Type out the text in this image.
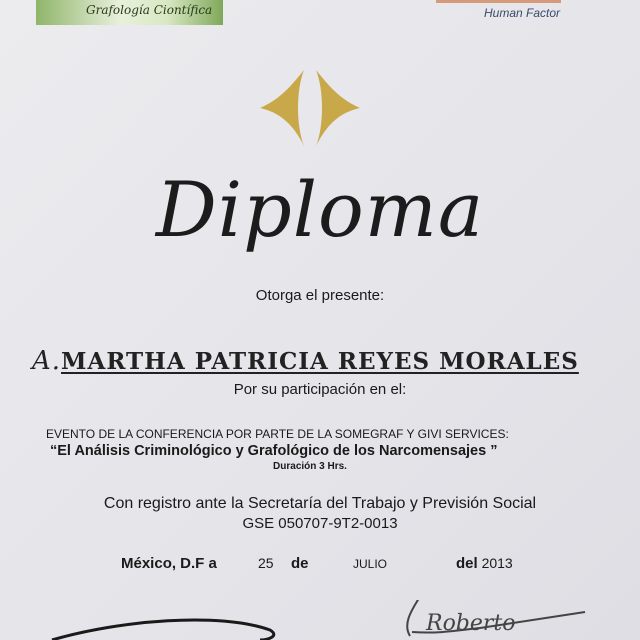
Grafología Ciontífica	Human Factor
Diploma
Otorga el presente:
A.MARTHA PATRICIA REYES MORALES
Por su participación en el:
EVENTO DE LA CONFERENCIA POR PARTE DE LA SOMEGRAF Y GIVI SERVICES:
“El Análisis Criminológico y Grafológico de los Narcomensajes ”
Duración 3 Hrs.
Con registro ante la Secretaría del Trabajo y Previsión Social
GSE 050707-9T2-0013
México, D.F a	25 de	JULIO	del 2013
Roberto
